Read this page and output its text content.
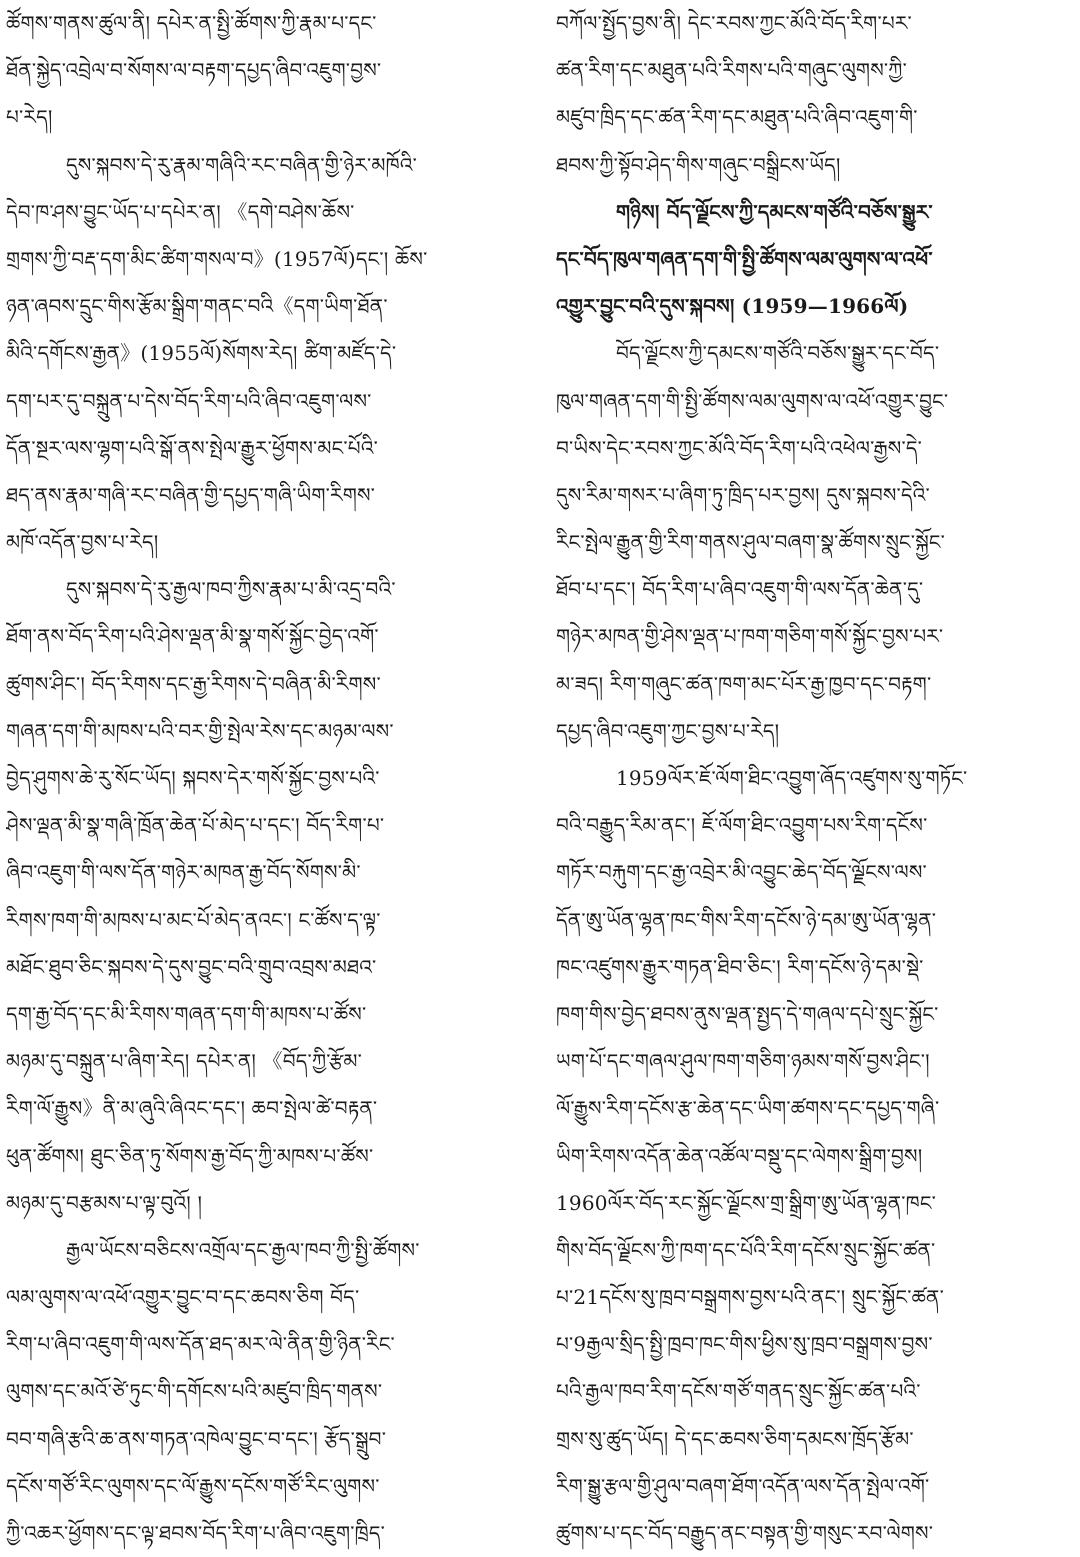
ཚོགས་གནས་ཚུལ་ནི། དཔེར་ན་སྤྱི་ཚོགས་ཀྱི་རྣམ་པ་དང་
ཐོན་སྐྱེད་འབྲེལ་བ་སོགས་ལ་བརྟག་དཔྱད་ཞིབ་འཇུག་བྱས་
པ་རེད།
དུས་སྐབས་དེ་རུ་རྣམ་གཞིའི་རང་བཞིན་གྱི་ཉེར་མཁོའི་
དེབ་ཁ་ཤས་བྱུང་ཡོད་པ་དཔེར་ན། 《དགེ་བཤེས་ཆོས་
གྲགས་ཀྱི་བརྡ་དག་མིང་ཚིག་གསལ་བ》(1957ལོ)དང་། ཆོས་
ཉན་ཞབས་དྲུང་གིས་རྩོམ་སྒྲིག་གནང་བའི《དག་ཡིག་ཐོན་
མིའི་དགོངས་རྒྱན》(1955ལོ)སོགས་རེད། ཚིག་མཛོད་དེ་
དག་པར་དུ་བསྐྲུན་པ་དེས་བོད་རིག་པའི་ཞིབ་འཇུག་ལས་
དོན་སྔར་ལས་ལྷག་པའི་སྒོ་ནས་སྤེལ་རྒྱུར་ཕྱོགས་མང་པོའི་
ཐད་ནས་རྣམ་གཞི་རང་བཞིན་གྱི་དཔྱད་གཞི་ཡིག་རིགས་
མཁོ་འདོན་བྱས་པ་རེད།
དུས་སྐབས་དེ་རུ་རྒྱལ་ཁབ་ཀྱིས་རྣམ་པ་མི་འདྲ་བའི་
ཐོག་ནས་བོད་རིག་པའི་ཤེས་ལྡན་མི་སྣ་གསོ་སྐྱོང་བྱེད་འགོ་
ཚུགས་ཤིང་། བོད་རིགས་དང་རྒྱ་རིགས་དེ་བཞིན་མི་རིགས་
གཞན་དག་གི་མཁས་པའི་བར་གྱི་སྤེལ་རེས་དང་མཉམ་ལས་
བྱེད་ཤུགས་ཆེ་རུ་སོང་ཡོད། སྐབས་དེར་གསོ་སྐྱོང་བྱས་པའི་
ཤེས་ལྡན་མི་སྣ་གཞི་ཁྲོན་ཆེན་པོ་མེད་པ་དང་། བོད་རིག་པ་
ཞིབ་འཇུག་གི་ལས་དོན་གཉེར་མཁན་རྒྱ་བོད་སོགས་མི་
རིགས་ཁག་གི་མཁས་པ་མང་པོ་མེད་ནའང་། ང་ཚོས་ད་ལྟ་
མཐོང་ཐུབ་ཅིང་སྐབས་དེ་དུས་བྱུང་བའི་གྲུབ་འབྲས་མཐའ་
དག་རྒྱ་བོད་དང་མི་རིགས་གཞན་དག་གི་མཁས་པ་ཚོས་
མཉམ་དུ་བསྐྲུན་པ་ཞིག་རེད། དཔེར་ན། 《བོད་ཀྱི་རྩོམ་
རིག་ལོ་རྒྱུས》ནི་མ་ཞུའི་ཞིའང་དང་། ཆབ་སྤེལ་ཚེ་བརྟན་
ཕུན་ཚོགས། ཐུང་ཅིན་ཏུ་སོགས་རྒྱ་བོད་ཀྱི་མཁས་པ་ཚོས་
མཉམ་དུ་བརྩམས་པ་ལྟ་བུའོ། །
རྒྱལ་ཡོངས་བཅིངས་འགྲོལ་དང་རྒྱལ་ཁབ་ཀྱི་སྤྱི་ཚོགས་
ལམ་ལུགས་ལ་འཕོ་འགྱུར་བྱུང་བ་དང་ཆབས་ཅིག བོད་
རིག་པ་ཞིབ་འཇུག་གི་ལས་དོན་ཐད་མར་ལེ་ནིན་གྱི་ཉིན་རིང་
ལུགས་དང་མའོ་ཙེ་ཏུང་གི་དགོངས་པའི་མཛུབ་ཁྲིད་གནས་
བབ་གཞི་རྩའི་ཆ་ནས་གཏན་འཁེལ་བྱུང་བ་དང་། རྩོད་སྒྲུབ་
དངོས་གཙོ་རིང་ལུགས་དང་ལོ་རྒྱུས་དངོས་གཙོ་རིང་ལུགས་
ཀྱི་འཆར་ཕྱོགས་དང་ལྟ་ཐབས་བོད་རིག་པ་ཞིབ་འཇུག་ཁྲིད་
བཀོལ་སྤྱོད་བྱས་ནི། དེང་རབས་ཀྱང་མོའི་བོད་རིག་པར་
ཚན་རིག་དང་མཐུན་པའི་རིགས་པའི་གཞུང་ལུགས་ཀྱི་
མཛུབ་ཁྲིད་དང་ཚན་རིག་དང་མཐུན་པའི་ཞིབ་འཇུག་གི་
ཐབས་ཀྱི་སྟོབ་ཤེད་གིས་གཞུང་བསྒྲིངས་ཡོད།
གཉིས། བོད་ལྗོངས་ཀྱི་དམངས་གཙོའི་བཅོས་སྒྱུར་
དང་བོད་ཁུལ་གཞན་དག་གི་སྤྱི་ཚོགས་ལམ་ལུགས་ལ་འཕོ་
འགྱུར་བྱུང་བའི་དུས་སྐབས། (1959—1966ལོ)
བོད་ལྗོངས་ཀྱི་དམངས་གཙོའི་བཅོས་སྒྱུར་དང་བོད་
ཁུལ་གཞན་དག་གི་སྤྱི་ཚོགས་ལམ་ལུགས་ལ་འཕོ་འགྱུར་བྱུང་
བ་ཡིས་དེང་རབས་ཀྱང་མོའི་བོད་རིག་པའི་འཕེལ་རྒྱས་དེ་
དུས་རིམ་གསར་པ་ཞིག་ཏུ་ཁྲིད་པར་བྱས། དུས་སྐབས་དེའི་
རིང་སྤེལ་རྒྱུན་གྱི་རིག་གནས་ཤུལ་བཞག་སྣ་ཚོགས་སྲུང་སྐྱོང་
ཐོབ་པ་དང་། བོད་རིག་པ་ཞིབ་འཇུག་གི་ལས་དོན་ཆེན་དུ་
གཉེར་མཁན་གྱི་ཤེས་ལྡན་པ་ཁག་གཅིག་གསོ་སྐྱོང་བྱས་པར་
མ་ཟད། རིག་གཞུང་ཚན་ཁག་མང་པོར་རྒྱ་ཁྱབ་དང་བརྟག་
དཔྱད་ཞིབ་འཇུག་ཀྱང་བྱས་པ་རེད།
1959ལོར་ཇོ་ལོག་ཐིང་འབྱུག་ཞོད་འཛུགས་སུ་གཏོང་
བའི་བརྒྱུད་རིམ་ནང་། ཇོ་ལོག་ཐིང་འབྱུག་པས་རིག་དངོས་
གཏོར་བརྐུག་དང་རྒྱ་འབྲེར་མི་འབྱུང་ཆེད་བོད་ལྗོངས་ལས་
དོན་ཨུ་ཡོན་ལྷན་ཁང་གིས་རིག་དངོས་ཉེ་དམ་ཨུ་ཡོན་ལྷན་
ཁང་འཛུགས་རྒྱུར་གཏན་ཐིབ་ཅིང་། རིག་དངོས་ཉེ་དམ་སྡེ་
ཁག་གིས་བྱེད་ཐབས་ནུས་ལྡན་སྤྱད་དེ་གཞལ་དཔེ་སྲུང་སྐྱོང་
ཡག་པོ་དང་གཞལ་ཤུལ་ཁག་གཅིག་ཉམས་གསོ་བྱས་ཤིང་།
ལོ་རྒྱུས་རིག་དངོས་རྩ་ཆེན་དང་ཡིག་ཚགས་དང་དཔྱད་གཞི་
ཡིག་རིགས་འདོན་ཆེན་འཚོལ་བསྡུ་དང་ལེགས་སྒྲིག་བྱས།
1960ལོར་བོད་རང་སྐྱོང་ལྗོངས་གྲ་སྒྲིག་ཨུ་ཡོན་ལྷན་ཁང་
གིས་བོད་ལྗོངས་ཀྱི་ཁག་དང་པོའི་རིག་དངོས་སྲུང་སྐྱོང་ཚན་
པ་21དངོས་སུ་ཁྲབ་བསྒྲགས་བྱས་པའི་ནང་། སྲུང་སྐྱོང་ཚན་
པ་9རྒྱལ་སྲིད་སྤྱི་ཁྲབ་ཁང་གིས་ཕྱིས་སུ་ཁྲབ་བསྒྲགས་བྱས་
པའི་རྒྱལ་ཁབ་རིག་དངོས་གཙོ་གནད་སྲུང་སྐྱོང་ཚན་པའི་
གྲས་སུ་ཚུད་ཡོད། དེ་དང་ཆབས་ཅིག་དམངས་ཁྲོད་རྩོམ་
རིག་སྒྱུ་རྩལ་གྱི་ཤུལ་བཞག་ཐོག་འདོན་ལས་དོན་སྤེལ་འགོ་
ཚུགས་པ་དང་བོད་བརྒྱུད་ནང་བསྟན་གྱི་གསུང་རབ་ལེགས་
